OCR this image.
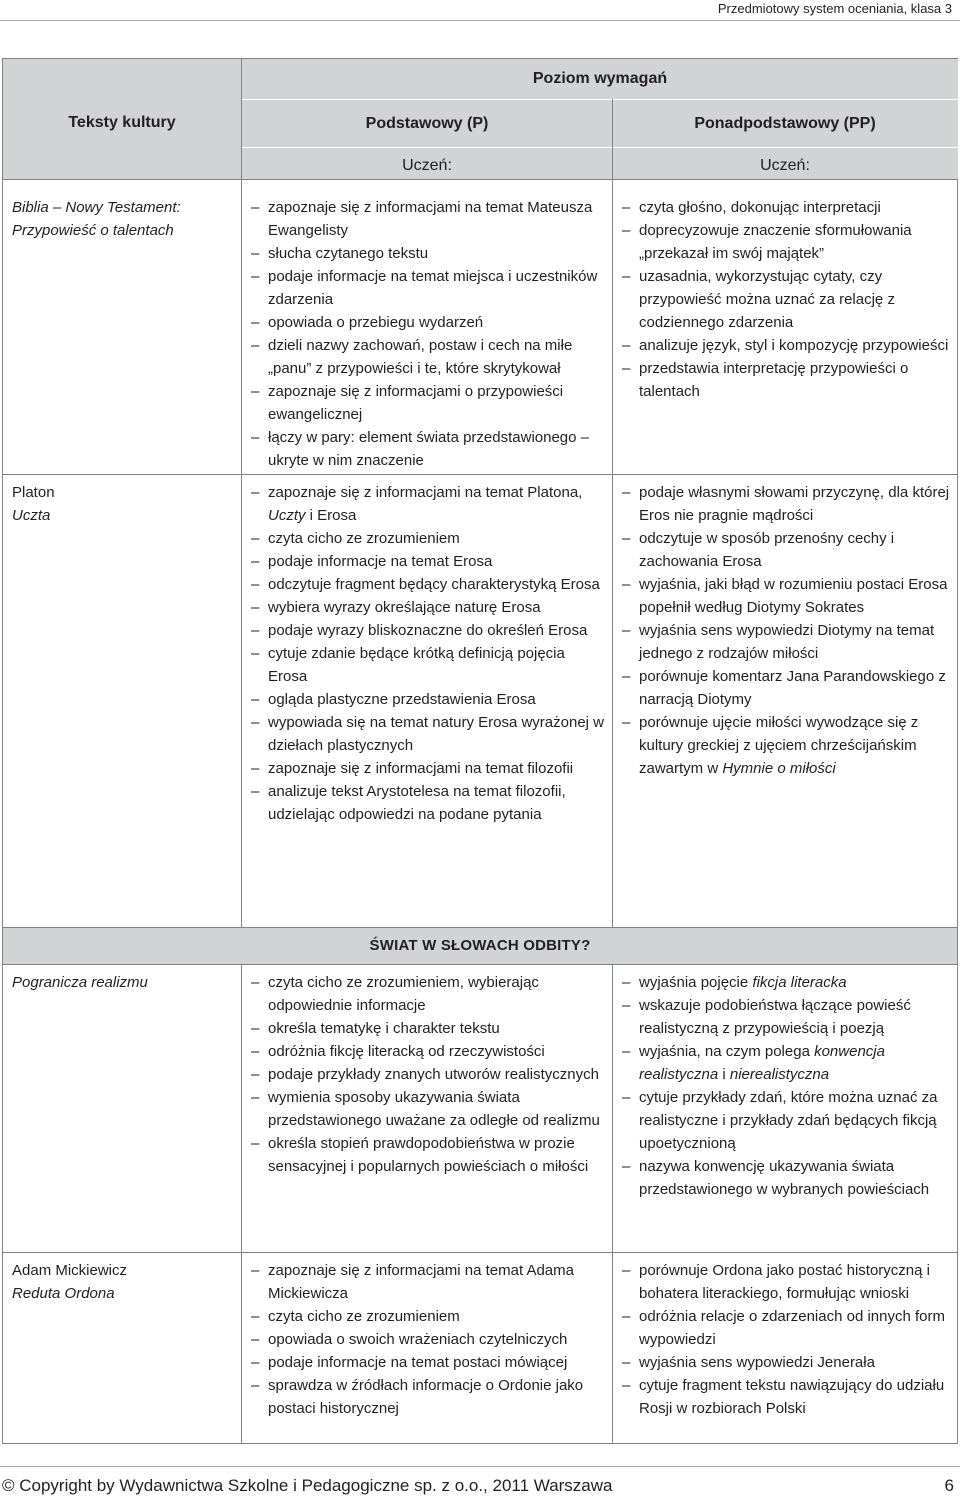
Przedmiotowy system oceniania, klasa 3
Teksty kultury
Poziom wymagań
Podstawowy (P)	Ponadpodstawowy (PP)
Uczeń:	Uczeń:
Biblia – Nowy Testament:
Przypowieść o talentach
– zapoznaje się z informacjami na temat Mateusza Ewangelisty
– słucha czytanego tekstu
– podaje informacje na temat miejsca i uczestników zdarzenia
– opowiada o przebiegu wydarzeń
– dzieli nazwy zachowań, postaw i cech na miłe „panu” z przypowieści i te, które skrytykował
– zapoznaje się z informacjami o przypowieści ewangelicznej
– łączy w pary: element świata przedstawionego – ukryte w nim znaczenie
– czyta głośno, dokonując interpretacji
– doprecyzowuje znaczenie sformułowania „przekazał im swój majątek”
– uzasadnia, wykorzystując cytaty, czy przypowieść można uznać za relację z codziennego zdarzenia
– analizuje język, styl i kompozycję przypowieści
– przedstawia interpretację przypowieści o talentach
Platon
Uczta
– zapoznaje się z informacjami na temat Platona, Uczty i Erosa
– czyta cicho ze zrozumieniem
– podaje informacje na temat Erosa
– odczytuje fragment będący charakterystyką Erosa
– wybiera wyrazy określające naturę Erosa
– podaje wyrazy bliskoznaczne do określeń Erosa
– cytuje zdanie będące krótką definicją pojęcia Erosa
– ogląda plastyczne przedstawienia Erosa
– wypowiada się na temat natury Erosa wyrażonej w dziełach plastycznych
– zapoznaje się z informacjami na temat filozofii
– analizuje tekst Arystotelesa na temat filozofii, udzielając odpowiedzi na podane pytania
– podaje własnymi słowami przyczynę, dla której Eros nie pragnie mądrości
– odczytuje w sposób przenośny cechy i zachowania Erosa
– wyjaśnia, jaki błąd w rozumieniu postaci Erosa popełnił według Diotymy Sokrates
– wyjaśnia sens wypowiedzi Diotymy na temat jednego z rodzajów miłości
– porównuje komentarz Jana Parandowskiego z narracją Diotymy
– porównuje ujęcie miłości wywodzące się z kultury greckiej z ujęciem chrześcijańskim zawartym w Hymnie o miłości
ŚWIAT W SŁOWACH ODBITY?
Pogranicza realizmu
–	czyta cicho ze zrozumieniem, wybierając odpowiednie informacje
– określa tematykę i charakter tekstu
– odróżnia fikcję literacką od rzeczywistości
– podaje przykłady znanych utworów realistycznych
– wymienia sposoby ukazywania świata przedstawionego uważane za odległe od realizmu
– określa stopień prawdopodobieństwa w prozie sensacyjnej i popularnych powieściach o miłości
– wyjaśnia pojęcie fikcja literacka
– wskazuje podobieństwa łączące powieść realistyczną z przypowieścią i poezją
– wyjaśnia, na czym polega konwencja realistyczna i nierealistyczna
– cytuje przykłady zdań, które można uznać za realistyczne i przykłady zdań będących fikcją upoetycznioną
– nazywa konwencję ukazywania świata przedstawionego w wybranych powieściach
Adam Mickiewicz
Reduta Ordona
– zapoznaje się z informacjami na temat Adama Mickiewicza
– czyta cicho ze zrozumieniem
– opowiada o swoich wrażeniach czytelniczych
– podaje informacje na temat postaci mówiącej
– sprawdza w źródłach informacje o Ordonie jako postaci historycznej
– porównuje Ordona jako postać historyczną i bohatera literackiego, formułując wnioski
– odróżnia relacje o zdarzeniach od innych form wypowiedzi
– wyjaśnia sens wypowiedzi Jenerała
– cytuje fragment tekstu nawiązujący do udziału Rosji w rozbiorach Polski
© Copyright by Wydawnictwa Szkolne i Pedagogiczne sp. z o.o., 2011 Warszawa	6
